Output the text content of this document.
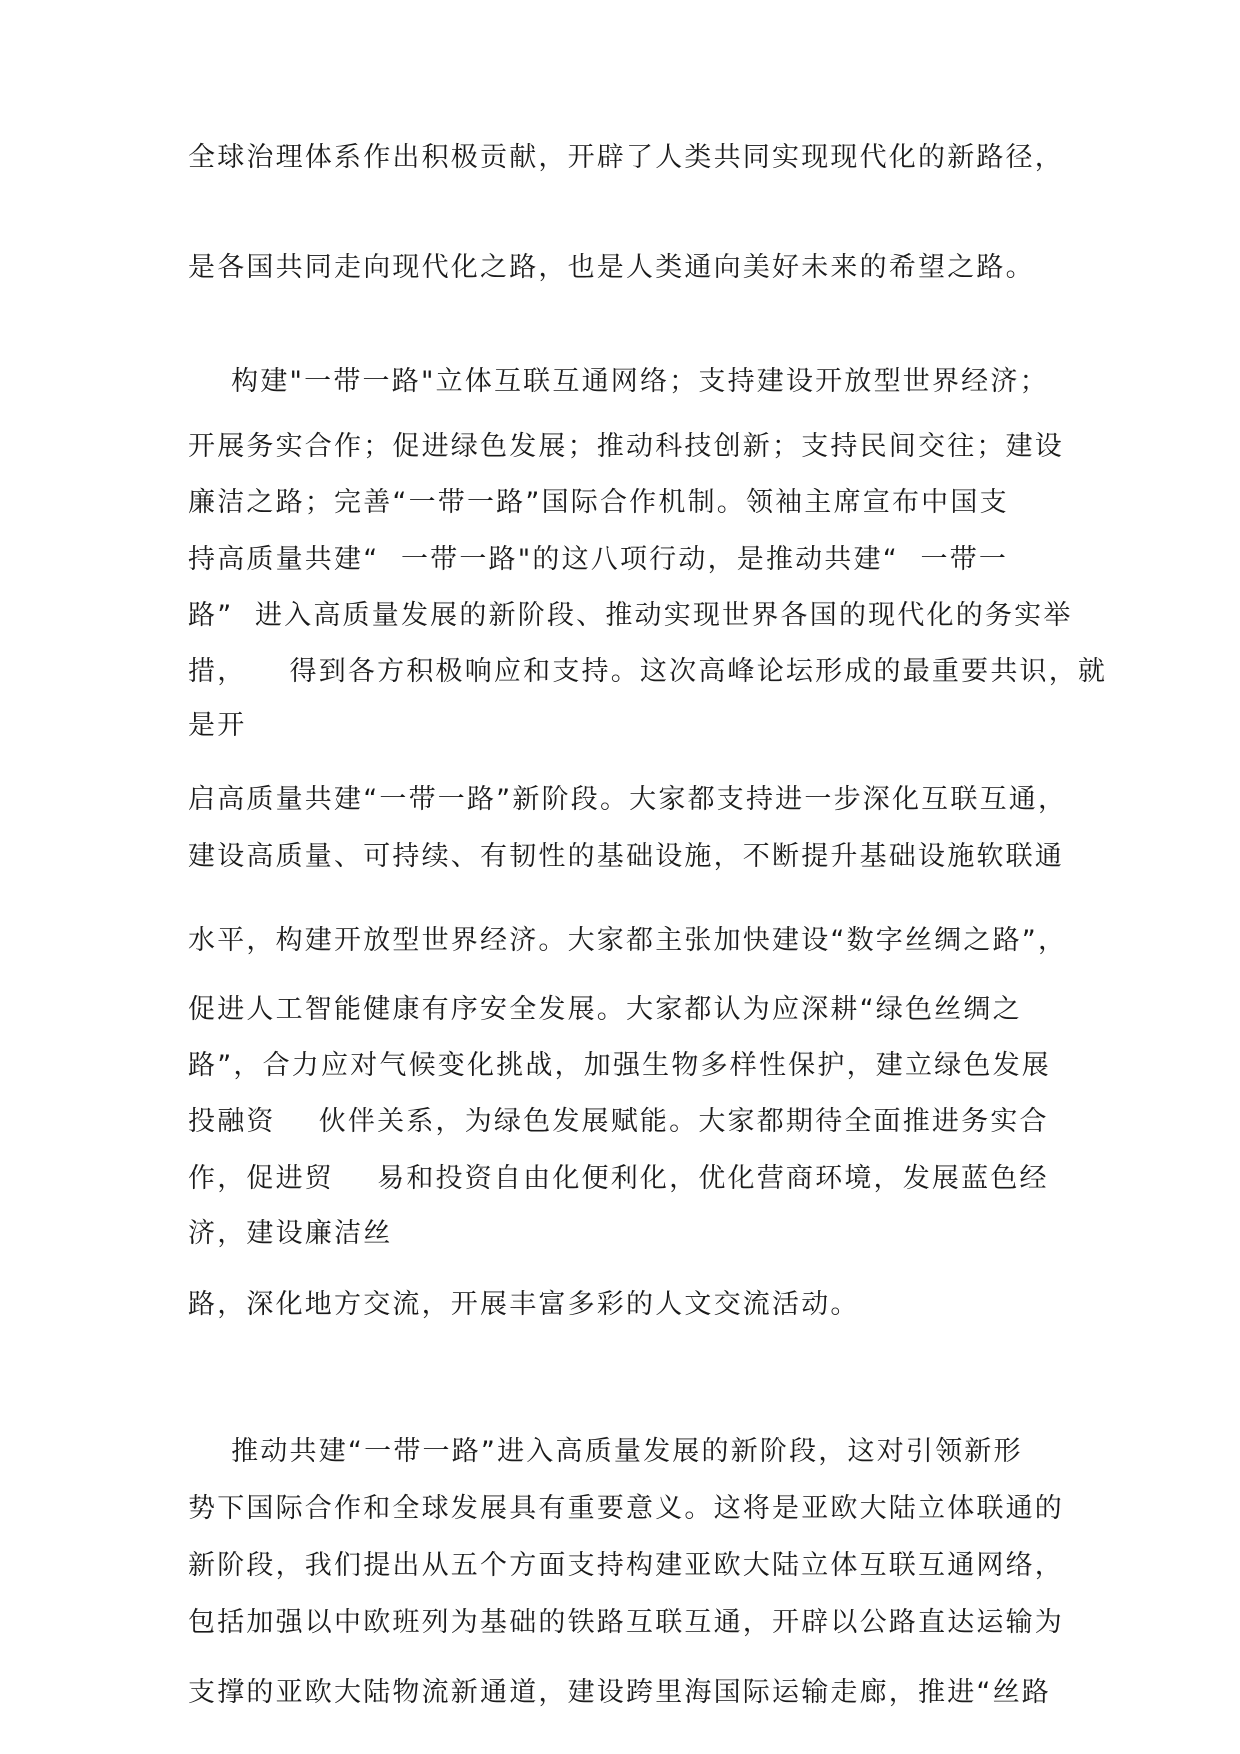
全球治理体系作出积极贡献，开辟了人类共同实现现代化的新路径，

是各国共同走向现代化之路，也是人类通向美好未来的希望之路。

构建"一带一路"立体互联互通网络；支持建设开放型世界经济；

开展务实合作；促进绿色发展；推动科技创新；支持民间交往；建设

廉洁之路；完善“一带一路”国际合作机制。领袖主席宣布中国支

持高质量共建“  一带一路"的这八项行动，是推动共建“  一带一

路”  进入高质量发展的新阶段、推动实现世界各国的现代化的务实举

措，    得到各方积极响应和支持。这次高峰论坛形成的最重要共识，就

是开

启高质量共建“一带一路”新阶段。大家都支持进一步深化互联互通，

建设高质量、可持续、有韧性的基础设施，不断提升基础设施软联通

水平，构建开放型世界经济。大家都主张加快建设“数字丝绸之路”，

促进人工智能健康有序安全发展。大家都认为应深耕“绿色丝绸之

路”，合力应对气候变化挑战，加强生物多样性保护，建立绿色发展

投融资    伙伴关系，为绿色发展赋能。大家都期待全面推进务实合

作，促进贸    易和投资自由化便利化，优化营商环境，发展蓝色经

济，建设廉洁丝

路，深化地方交流，开展丰富多彩的人文交流活动。

推动共建“一带一路”进入高质量发展的新阶段，这对引领新形

势下国际合作和全球发展具有重要意义。这将是亚欧大陆立体联通的

新阶段，我们提出从五个方面支持构建亚欧大陆立体互联互通网络，

包括加强以中欧班列为基础的铁路互联互通，开辟以公路直达运输为

支撑的亚欧大陆物流新通道，建设跨里海国际运输走廊，推进“丝路
